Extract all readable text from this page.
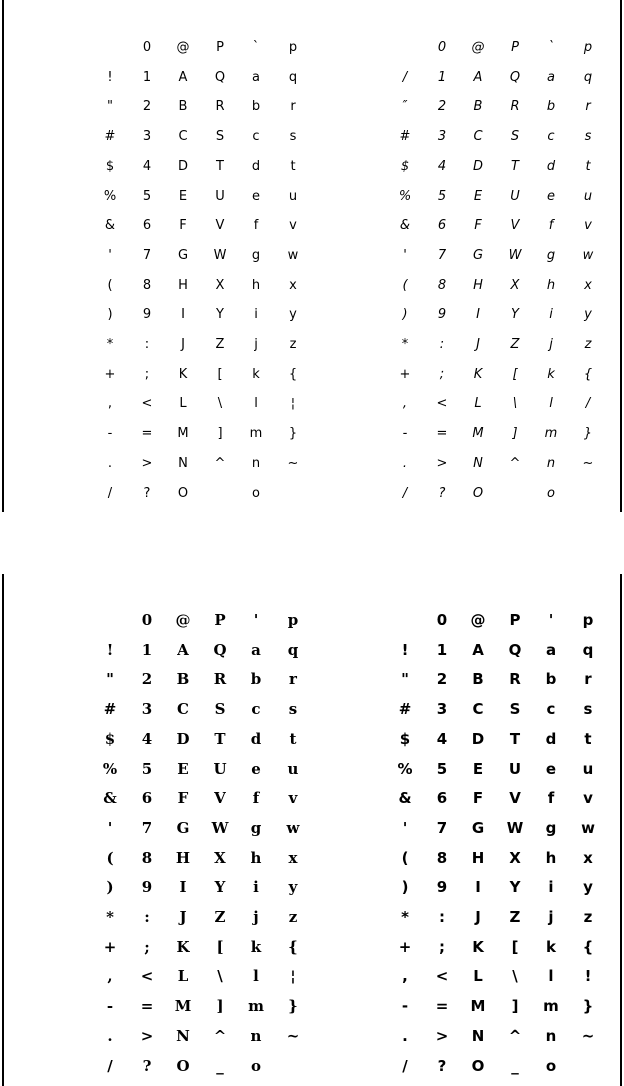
!
"
#
$
%
&
'
(
)
*
+
,
-
.
/
0
1
2
3
4
5
6
7
8
9
:
;
<
=
>
?
@
A
B
C
D
E
F
G
H
I
J
K
L
M
N
O
P
Q
R
S
T
U
V
W
X
Y
Z
[
\
]
^
`
a
b
c
d
e
f
g
h
i
j
k
l
m
n
o
p
q
r
s
t
u
v
w
x
y
z
{
¦
}
~

/
″
#
$
%
&
'
(
)
*
+
,
-
.
/
0
1
2
3
4
5
6
7
8
9
:
;
<
=
>
?
@
A
B
C
D
E
F
G
H
I
J
K
L
M
N
O
P
Q
R
S
T
U
V
W
X
Y
Z
[
\
]
^
`
a
b
c
d
e
f
g
h
i
j
k
l
m
n
o
p
q
r
s
t
u
v
w
x
y
z
{
/
}
~

!
"
#
$
%
&
'
(
)
*
+
,
-
.
/
0
1
2
3
4
5
6
7
8
9
:
;
<
=
>
?
@
A
B
C
D
E
F
G
H
I
J
K
L
M
N
O
P
Q
R
S
T
U
V
W
X
Y
Z
[
\
]
^
_
'
a
b
c
d
e
f
g
h
i
j
k
l
m
n
o
p
q
r
s
t
u
v
w
x
y
z
{
¦
}
~

!
"
#
$
%
&
'
(
)
*
+
,
-
.
/
0
1
2
3
4
5
6
7
8
9
:
;
<
=
>
?
@
A
B
C
D
E
F
G
H
I
J
K
L
M
N
O
P
Q
R
S
T
U
V
W
X
Y
Z
[
\
]
^
_
'
a
b
c
d
e
f
g
h
i
j
k
l
m
n
o
p
q
r
s
t
u
v
w
x
y
z
{
!
}
~
